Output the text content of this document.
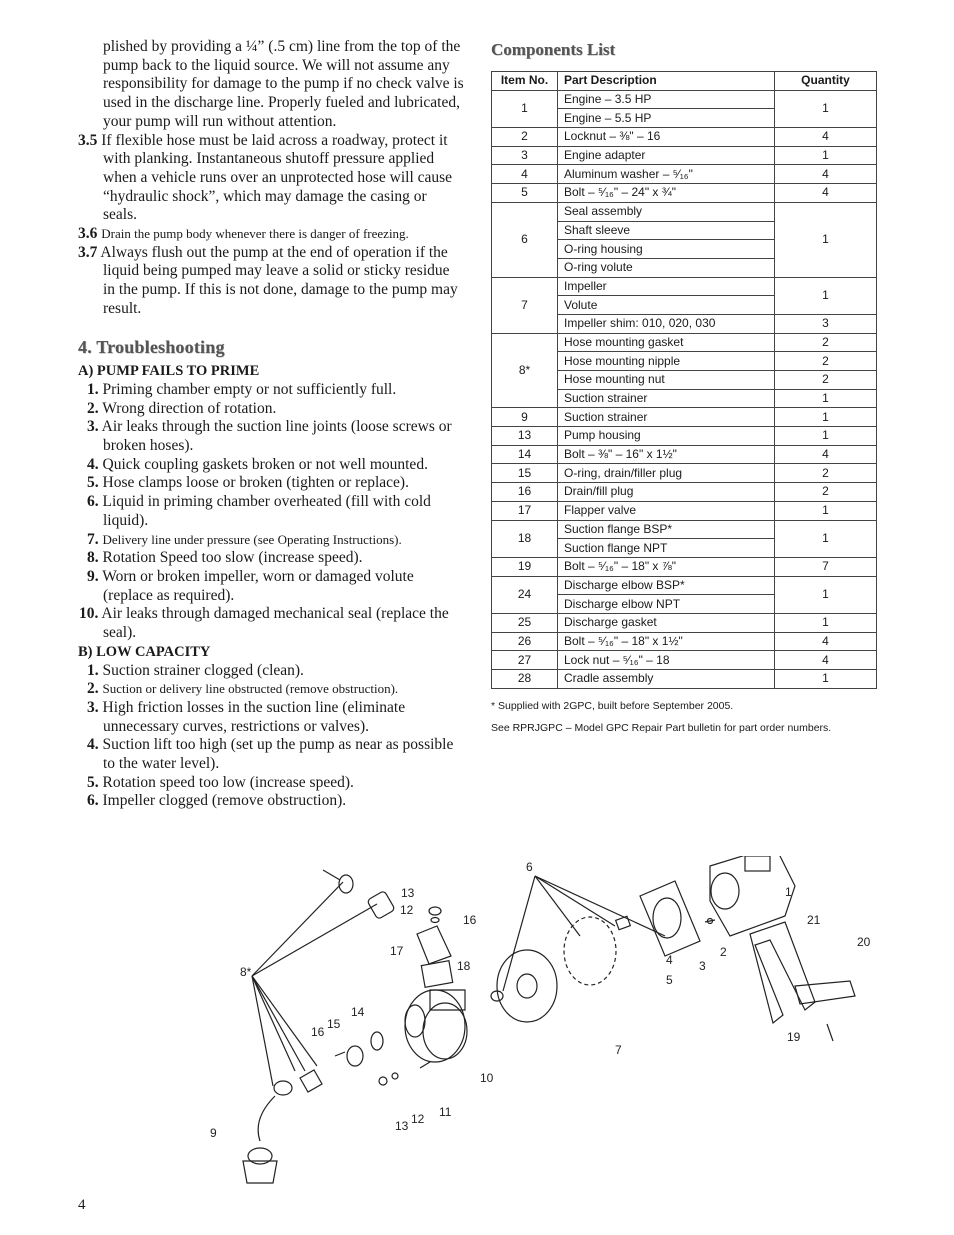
plished by providing a ¼” (.5 cm) line from the top of the pump back to the liquid source. We will not assume any responsibility for damage to the pump if no check valve is used in the discharge line. Properly fueled and lubricated, your pump will run without attention.

3.5 If flexible hose must be laid across a roadway, protect it with planking. Instantaneous shutoff pressure applied when a vehicle runs over an unprotected hose will cause “hydraulic shock”, which may damage the casing or seals.

3.6 Drain the pump body whenever there is danger of freezing.

3.7 Always flush out the pump at the end of operation if the liquid being pumped may leave a solid or sticky residue in the pump. If this is not done, damage to the pump may result.

4. Troubleshooting
A) PUMP FAILS TO PRIME

1. Priming chamber empty or not sufficiently full.

2. Wrong direction of rotation.

3. Air leaks through the suction line joints (loose screws or broken hoses).

4. Quick coupling gaskets broken or not well mounted.

5. Hose clamps loose or broken (tighten or replace).

6. Liquid in priming chamber overheated (fill with cold liquid).

7. Delivery line under pressure (see Operating Instructions).

8. Rotation Speed too slow (increase speed).

9. Worn or broken impeller, worn or damaged volute (replace as required).

10. Air leaks through damaged mechanical seal (replace the seal).

B) LOW CAPACITY

1. Suction strainer clogged (clean).

2. Suction or delivery line obstructed (remove obstruction).

3. High friction losses in the suction line (eliminate unnecessary curves, restrictions or valves).

4. Suction lift too high (set up the pump as near as possible to the water level).

5. Rotation speed too low (increase speed).

6. Impeller clogged (remove obstruction).

Components List
Item No.	Part Description	Quantity
1	Engine – 3.5 HP	1
	Engine – 5.5 HP	
2	Locknut – ⅜" – 16	4
3	Engine adapter	1
4	Aluminum washer – ⁵⁄₁₆"	4
5	Bolt – ⁵⁄₁₆" – 24" x ¾"	4
6	Seal assembly	1
	Shaft sleeve	
	O-ring housing	
	O-ring volute	
7	Impeller	1
	Volute	
	Impeller shim: 010, 020, 030	3
8*	Hose mounting gasket	2
	Hose mounting nipple	2
	Hose mounting nut	2
	Suction strainer	1
9	Suction strainer	1
13	Pump housing	1
14	Bolt – ⅜" – 16" x 1½"	4
15	O-ring, drain/filler plug	2
16	Drain/fill plug	2
17	Flapper valve	1
18	Suction flange BSP*	1
	Suction flange NPT	
19	Bolt – ⁵⁄₁₆" – 18" x ⅞"	7
24	Discharge elbow BSP*	1
	Discharge elbow NPT	
25	Discharge gasket	1
26	Bolt – ⁵⁄₁₆" – 18" x 1½"	4
27	Lock nut – ⁵⁄₁₆" – 18	4
28	Cradle assembly	1
* Supplied with 2GPC, built before September 2005.
See RPRJGPC – Model GPC Repair Part bulletin for part order numbers.
1
2
3
4
5
6
7
8*
9
10
11
12
12
13
13
14
15
16
16
17
18
19
20
21
4
